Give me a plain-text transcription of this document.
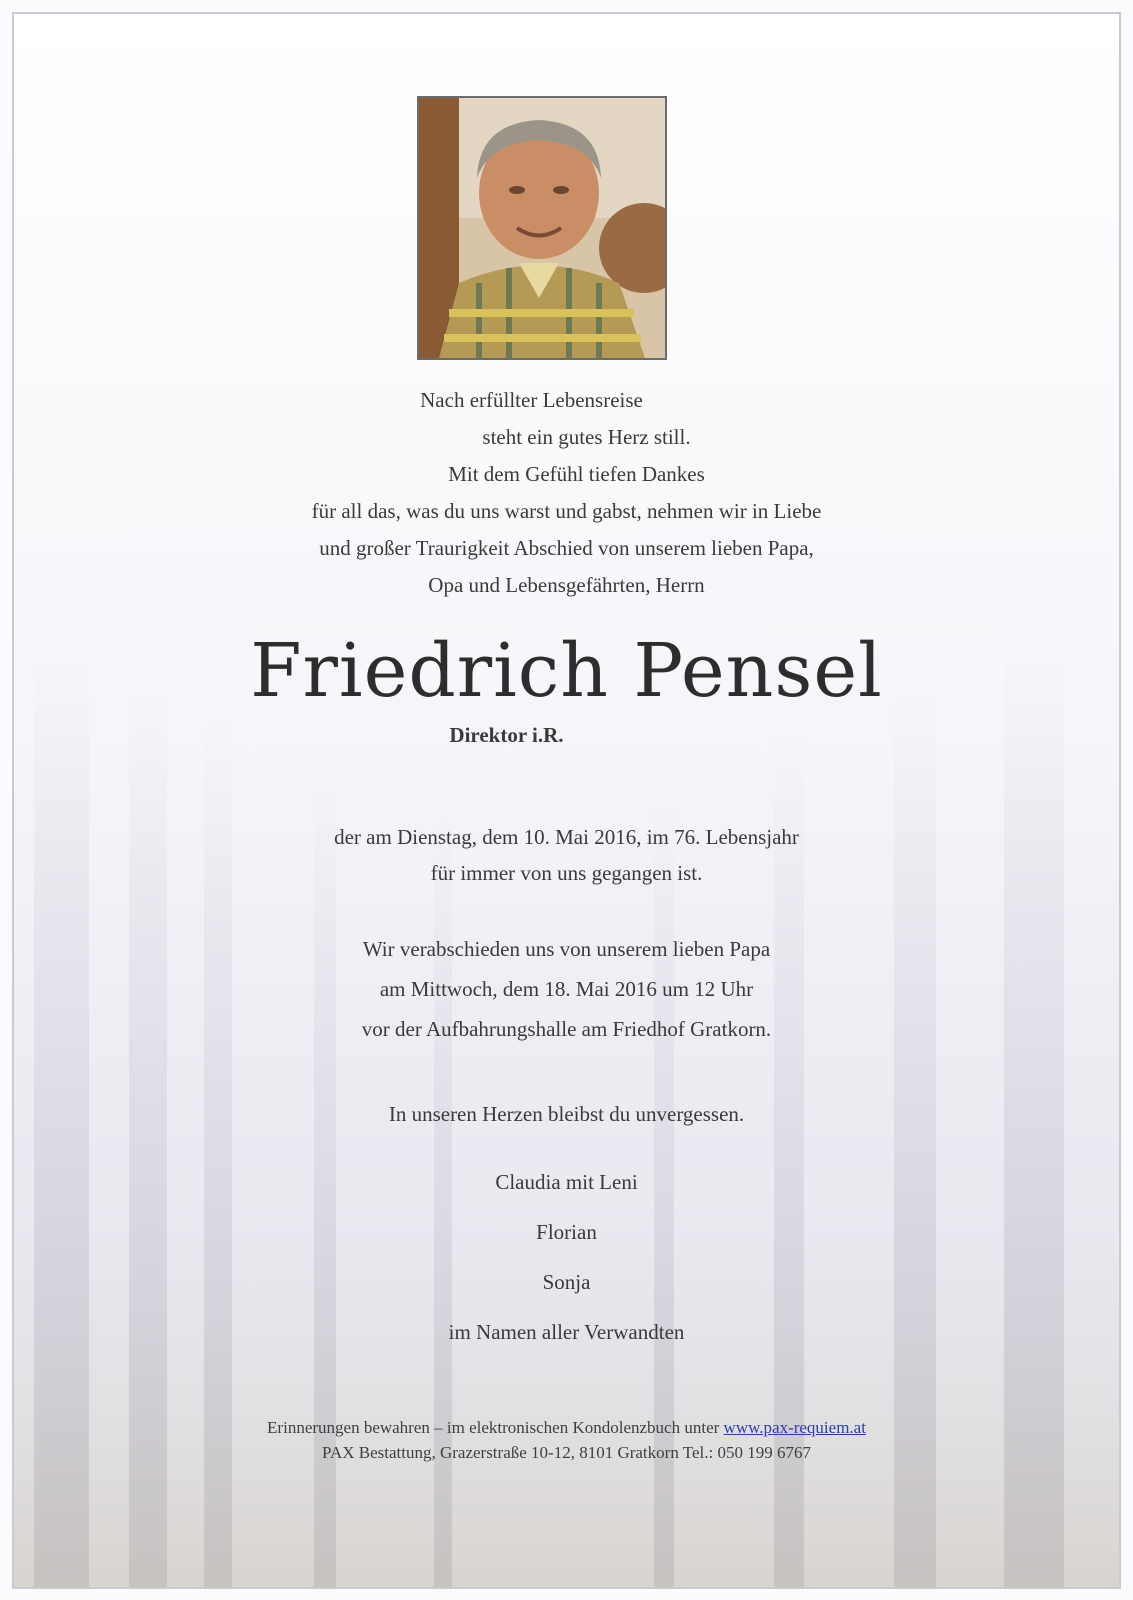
Nach erfüllter Lebensreise
steht ein gutes Herz still.
Mit dem Gefühl tiefen Dankes
für all das, was du uns warst und gabst, nehmen wir in Liebe
und großer Traurigkeit Abschied von unserem lieben Papa,
Opa und Lebensgefährten, Herrn
Friedrich Pensel
Direktor i.R.
der am Dienstag, dem 10. Mai 2016, im 76. Lebensjahr
für immer von uns gegangen ist.
Wir verabschieden uns von unserem lieben Papa
am Mittwoch, dem 18. Mai 2016 um 12 Uhr
vor der Aufbahrungshalle am Friedhof Gratkorn.
In unseren Herzen bleibst du unvergessen.
Claudia mit Leni
Florian
Sonja
im Namen aller Verwandten
Erinnerungen bewahren – im elektronischen Kondolenzbuch unter www.pax-requiem.at
PAX Bestattung, Grazerstraße 10-12, 8101 Gratkorn Tel.: 050 199 6767
